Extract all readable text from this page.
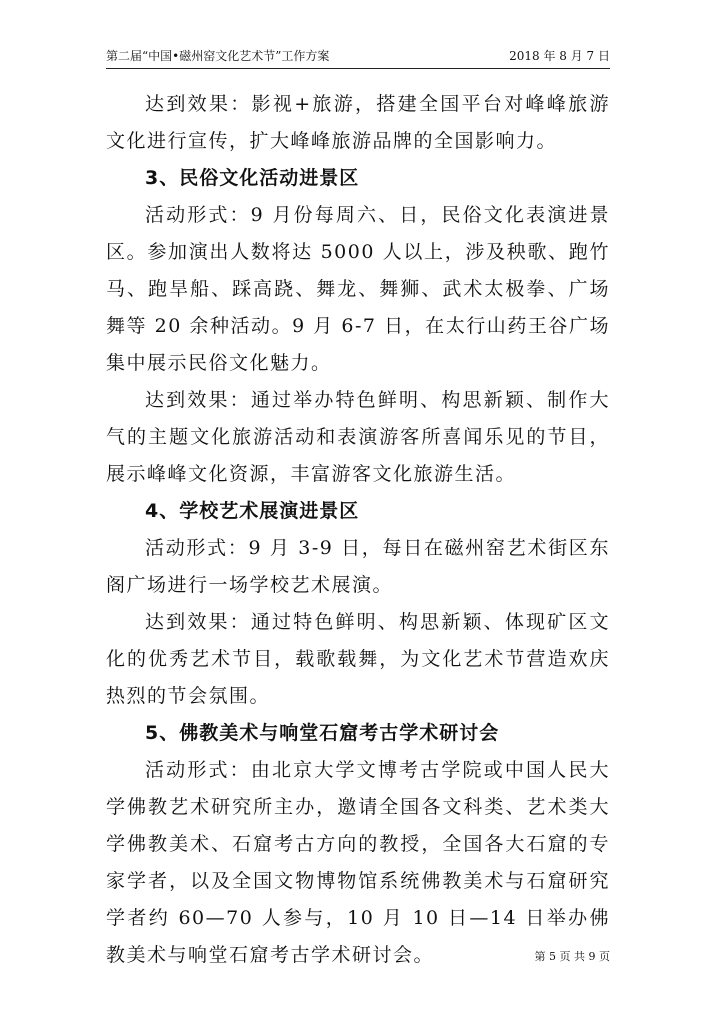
第二届“中国•磁州窑文化艺术节”工作方案	2018 年 8 月 7 日

达到效果：影视+旅游，搭建全国平台对峰峰旅游文化进行宣传，扩大峰峰旅游品牌的全国影响力。

3、民俗文化活动进景区

活动形式：9 月份每周六、日，民俗文化表演进景区。参加演出人数将达 5000 人以上，涉及秧歌、跑竹马、跑旱船、踩高跷、舞龙、舞狮、武术太极拳、广场舞等 20 余种活动。9 月 6-7 日，在太行山药王谷广场集中展示民俗文化魅力。

达到效果：通过举办特色鲜明、构思新颖、制作大气的主题文化旅游活动和表演游客所喜闻乐见的节目，展示峰峰文化资源，丰富游客文化旅游生活。

4、学校艺术展演进景区

活动形式：9 月 3-9 日，每日在磁州窑艺术街区东阁广场进行一场学校艺术展演。

达到效果：通过特色鲜明、构思新颖、体现矿区文化的优秀艺术节目，载歌载舞，为文化艺术节营造欢庆热烈的节会氛围。

5、佛教美术与响堂石窟考古学术研讨会

活动形式：由北京大学文博考古学院或中国人民大学佛教艺术研究所主办，邀请全国各文科类、艺术类大学佛教美术、石窟考古方向的教授，全国各大石窟的专家学者，以及全国文物博物馆系统佛教美术与石窟研究学者约 60—70 人参与，10 月 10 日—14 日举办佛教美术与响堂石窟考古学术研讨会。	第 5 页 共 9 页
